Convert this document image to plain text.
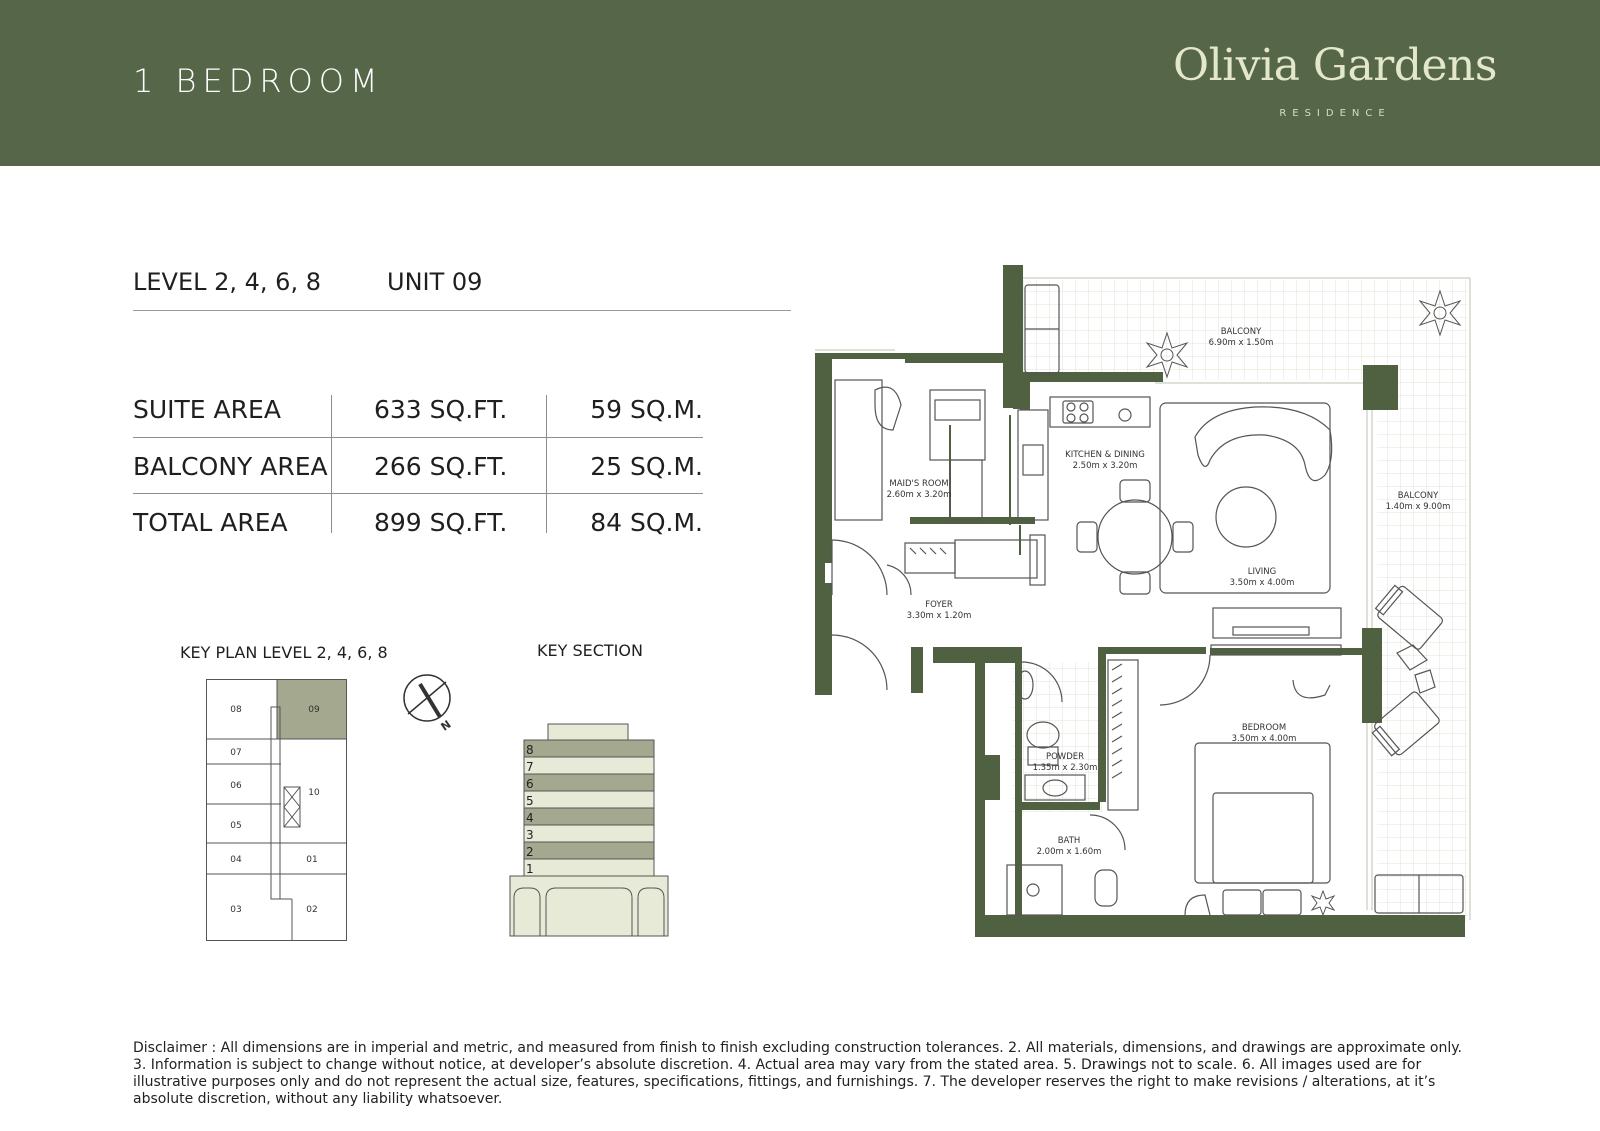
1 BEDROOM	Olivia Gardens
RESIDENCE
LEVEL 2, 4, 6, 8	UNIT 09
SUITE AREA	633 SQ.FT.	59 SQ.M.
BALCONY AREA 266 SQ.FT.	25 SQ.M.
TOTAL AREA	899 SQ.FT.	84 SQ.M.
KEY PLAN LEVEL 2, 4, 6, 8
08	09
07
06
10
05
04	01
03	02
N
KEY SECTION
8
7
6
5
4
3
2
1
BALCONY
6.90m x 1.50m
KITCHEN & DINING
2.50m x 3.20m
MAID'S ROOM
2.60m x 3.20m	BALCONY
1.40m x 9.00m
LIVING
3.50m x 4.00m
FOYER
3.30m x 1.20m
BEDROOM
3.50m x 4.00m
POWDER
1.35m x 2.30m
BATH
2.00m x 1.60m
Disclaimer : All dimensions are in imperial and metric, and measured from finish to finish excluding construction tolerances. 2. All materials, dimensions, and drawings are approximate only. 3. Information is subject to change without notice, at developer’s absolute discretion. 4. Actual area may vary from the stated area. 5. Drawings not to scale. 6. All images used are for illustrative purposes only and do not represent the actual size, features, specifications, fittings, and furnishings. 7. The developer reserves the right to make revisions / alterations, at it’s absolute discretion, without any liability whatsoever.
